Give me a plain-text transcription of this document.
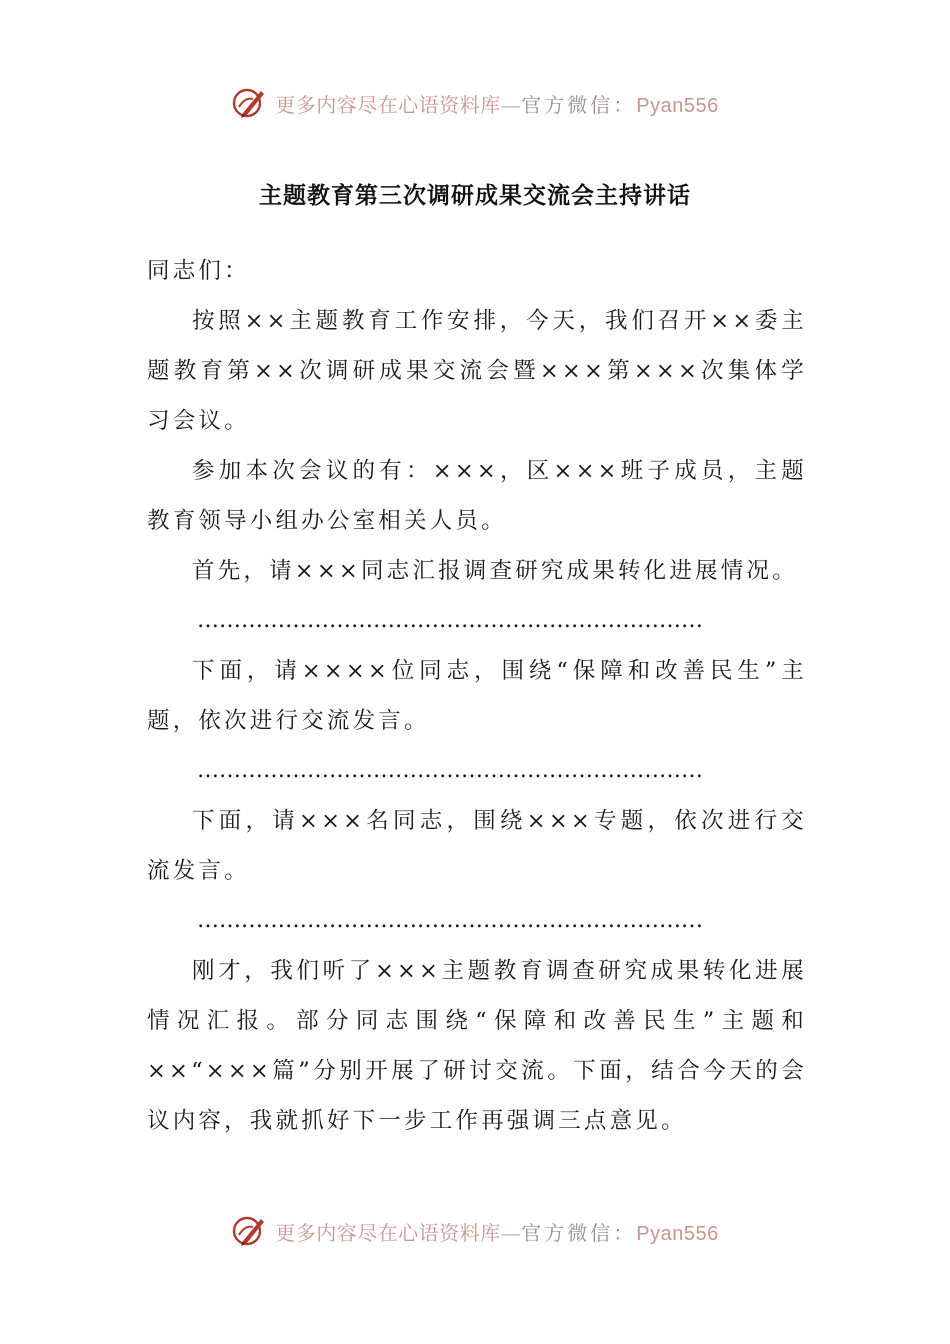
更多内容尽在心语资料库—官方微信：Pyan556
主题教育第三次调研成果交流会主持讲话

同志们：

按照××主题教育工作安排，今天，我们召开××委主题教育第××次调研成果交流会暨×××第×××次集体学习会议。

参加本次会议的有：×××，区×××班子成员，主题教育领导小组办公室相关人员。

首先，请×××同志汇报调查研究成果转化进展情况。

……………………………………………………………

下面，请××××位同志，围绕“保障和改善民生”主题，依次进行交流发言。

……………………………………………………………

下面，请×××名同志，围绕×××专题，依次进行交流发言。

……………………………………………………………

刚才，我们听了×××主题教育调查研究成果转化进展情况汇报。部分同志围绕“保障和改善民生”主题和××“×××篇”分别开展了研讨交流。下面，结合今天的会议内容，我就抓好下一步工作再强调三点意见。

更多内容尽在心语资料库—官方微信：Pyan556
